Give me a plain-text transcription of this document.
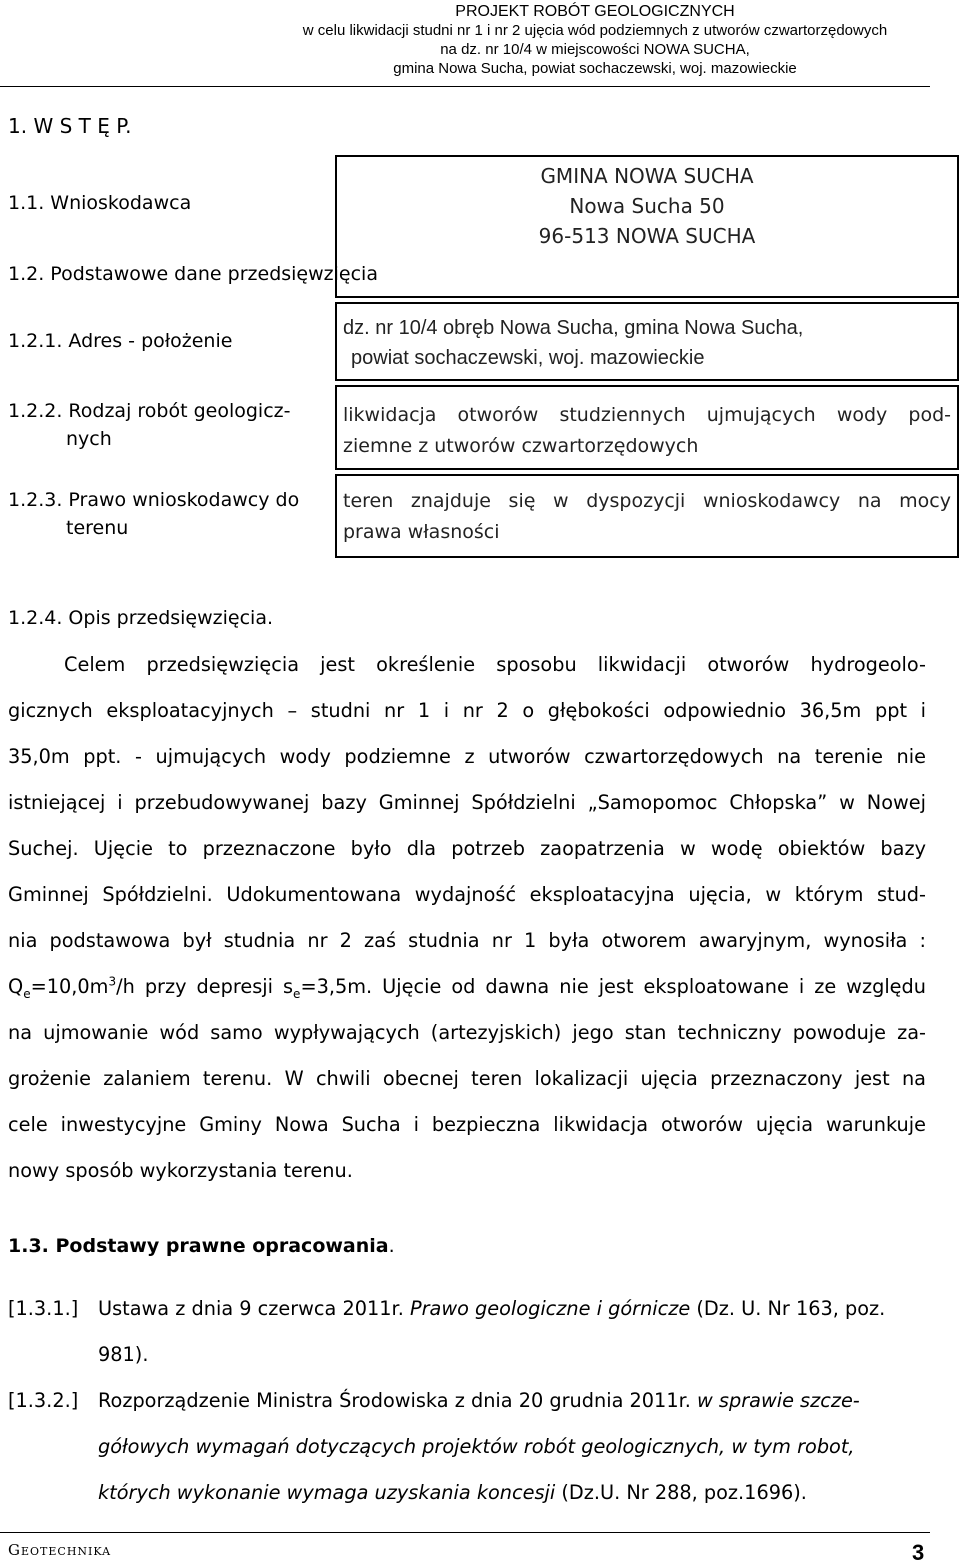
PROJEKT ROBÓT GEOLOGICZNYCH
w celu likwidacji studni nr 1 i nr 2 ujęcia wód podziemnych z utworów czwartorzędowych
na dz. nr 10/4 w miejscowości NOWA SUCHA,
gmina Nowa Sucha, powiat sochaczewski, woj. mazowieckie
1. W S T Ę P.
1.1. Wnioskodawca
1.2. Podstawowe dane przedsięwzięcia
1.2.1. Adres - położenie
1.2.2. Rodzaj robót geologicz-
nych
1.2.3. Prawo wnioskodawcy do
terenu
GMINA NOWA SUCHA
Nowa Sucha 50
96-513 NOWA SUCHA
dz. nr 10/4 obręb Nowa Sucha, gmina Nowa Sucha,
powiat sochaczewski, woj. mazowieckie
likwidacja otworów studziennych ujmujących wody pod-
ziemne z utworów czwartorzędowych
teren znajduje się w dyspozycji wnioskodawcy na mocy
prawa własności
1.2.4. Opis przedsięwzięcia.
Celem przedsięwzięcia jest określenie sposobu likwidacji otworów hydrogeolo-
gicznych eksploatacyjnych – studni nr 1 i nr 2 o głębokości odpowiednio 36,5m ppt i
35,0m ppt. - ujmujących wody podziemne z utworów czwartorzędowych na terenie nie
istniejącej i przebudowywanej bazy Gminnej Spółdzielni „Samopomoc Chłopska” w Nowej
Suchej. Ujęcie to przeznaczone było dla potrzeb zaopatrzenia w wodę obiektów bazy
Gminnej Spółdzielni. Udokumentowana wydajność eksploatacyjna ujęcia, w którym stud-
nia podstawowa był studnia nr 2 zaś studnia nr 1 była otworem awaryjnym, wynosiła :
$Q_e=10,0m^3/h$ przy depresji $s_e=3,5m$. Ujęcie od dawna nie jest eksploatowane i ze względu
na ujmowanie wód samo wypływających (artezyjskich) jego stan techniczny powoduje za-
grożenie zalaniem terenu. W chwili obecnej teren lokalizacji ujęcia przeznaczony jest na
cele inwestycyjne Gminy Nowa Sucha i bezpieczna likwidacja otworów ujęcia warunkuje
nowy sposób wykorzystania terenu.
1.3. Podstawy prawne opracowania.
[1.3.1.] Ustawa z dnia 9 czerwca 2011r. Prawo geologiczne i górnicze (Dz. U. Nr 163, poz.
981).
[1.3.2.] Rozporządzenie Ministra Środowiska z dnia 20 grudnia 2011r. w sprawie szcze-
gółowych wymagań dotyczących projektów robót geologicznych, w tym robot,
których wykonanie wymaga uzyskania koncesji (Dz.U. Nr 288, poz.1696).
Geotechnika	3
